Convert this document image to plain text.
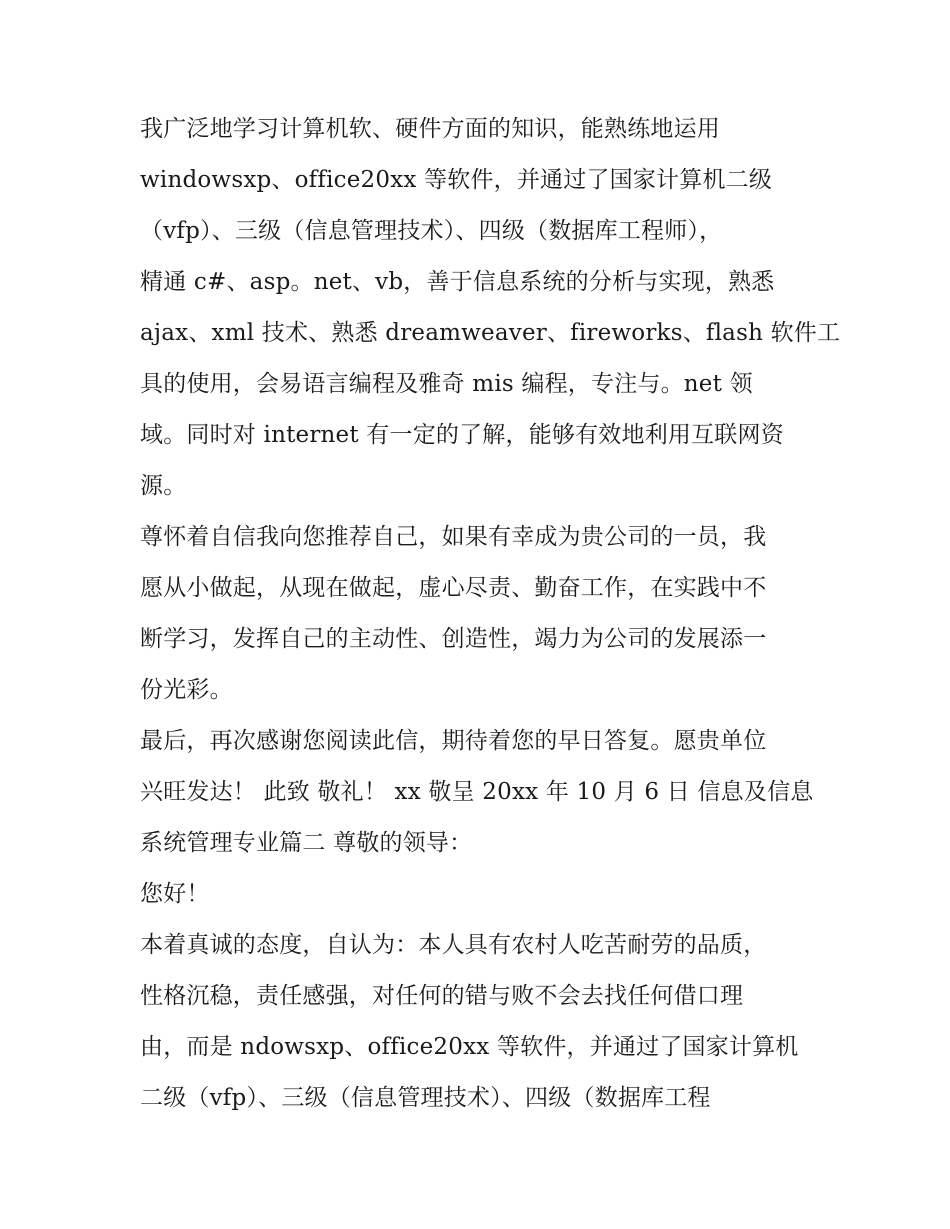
我广泛地学习计算机软、硬件方面的知识，能熟练地运用
windowsxp、office20xx 等软件，并通过了国家计算机二级
（vfp）、三级（信息管理技术）、四级（数据库工程师），
精通 c#、asp。net、vb，善于信息系统的分析与实现，熟悉
ajax、xml 技术、熟悉 dreamweaver、fireworks、flash 软件工
具的使用，会易语言编程及雅奇 mis 编程，专注与。net 领
域。同时对 internet 有一定的了解，能够有效地利用互联网资
源。
尊怀着自信我向您推荐自己，如果有幸成为贵公司的一员，我
愿从小做起，从现在做起，虚心尽责、勤奋工作，在实践中不
断学习，发挥自己的主动性、创造性，竭力为公司的发展添一
份光彩。
最后，再次感谢您阅读此信，期待着您的早日答复。愿贵单位
兴旺发达！ 此致 敬礼！ xx 敬呈 20xx 年 10 月 6 日 信息及信息
系统管理专业篇二 尊敬的领导：
您好！
本着真诚的态度，自认为：本人具有农村人吃苦耐劳的品质，
性格沉稳，责任感强，对任何的错与败不会去找任何借口理
由，而是 ndowsxp、office20xx 等软件，并通过了国家计算机
二级（vfp）、三级（信息管理技术）、四级（数据库工程
